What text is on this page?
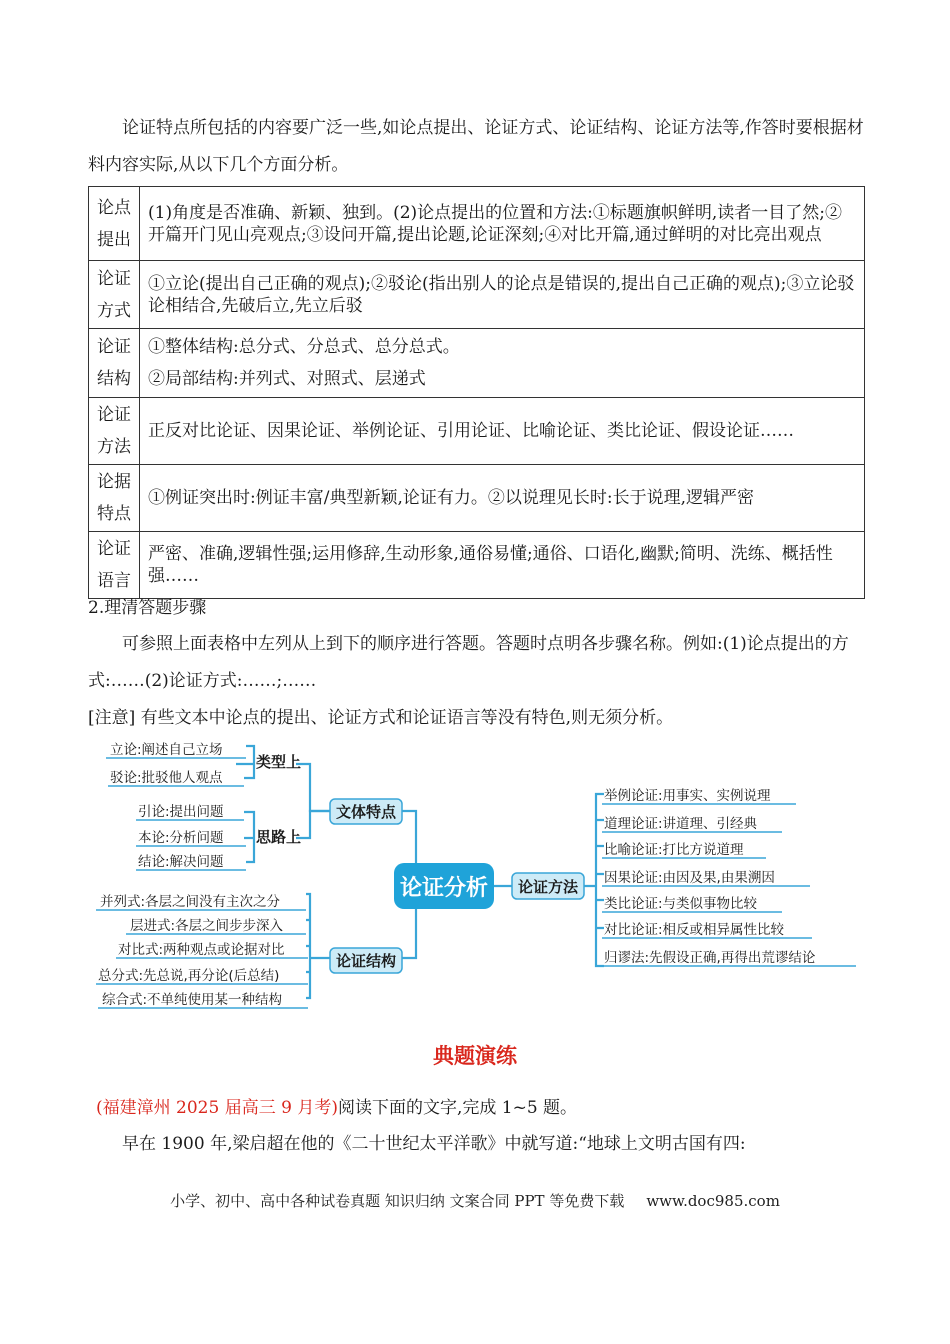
论证特点所包括的内容要广泛一些,如论点提出、论证方式、论证结构、论证方法等,作答时要根据材料内容实际,从以下几个方面分析。

论点
提出	(1)角度是否准确、新颖、独到。(2)论点提出的位置和方法:①标题旗帜鲜明,读者一目了然;②开篇开门见山亮观点;③设问开篇,提出论题,论证深刻;④对比开篇,通过鲜明的对比亮出观点

论证
方式	①立论(提出自己正确的观点);②驳论(指出别人的论点是错误的,提出自己正确的观点);③立论驳论相结合,先破后立,先立后驳

论证
结构	①整体结构:总分式、分总式、总分总式。
②局部结构:并列式、对照式、层递式

论证
方法	正反对比论证、因果论证、举例论证、引用论证、比喻论证、类比论证、假设论证……

论据
特点	①例证突出时:例证丰富/典型新颖,论证有力。②以说理见长时:长于说理,逻辑严密

论证
语言	严密、准确,逻辑性强;运用修辞,生动形象,通俗易懂;通俗、口语化,幽默;简明、洗练、概括性强……

2.理清答题步骤

可参照上面表格中左列从上到下的顺序进行答题。答题时点明各步骤名称。例如:(1)论点提出的方式:……(2)论证方式:……;……

[注意] 有些文本中论点的提出、论证方式和论证语言等没有特色,则无须分析。

论证分析
文体特点
论证结构
论证方法
类型上
思路上
立论:阐述自己立场
驳论:批驳他人观点
引论:提出问题
本论:分析问题
结论:解决问题
并列式:各层之间没有主次之分
层进式:各层之间步步深入
对比式:两种观点或论据对比
总分式:先总说,再分论(后总结)
综合式:不单纯使用某一种结构
举例论证:用事实、实例说理
道理论证:讲道理、引经典
比喻论证:打比方说道理
因果论证:由因及果,由果溯因
类比论证:与类似事物比较
对比论证:相反或相异属性比较
归谬法:先假设正确,再得出荒谬结论
典题演练

(福建漳州 2025 届高三 9 月考)阅读下面的文字,完成 1~5 题。

早在 1900 年,梁启超在他的《二十世纪太平洋歌》中就写道:“地球上文明古国有四:

小学、初中、高中各种试卷真题 知识归纳 文案合同 PPT 等免费下载 www.doc985.com
